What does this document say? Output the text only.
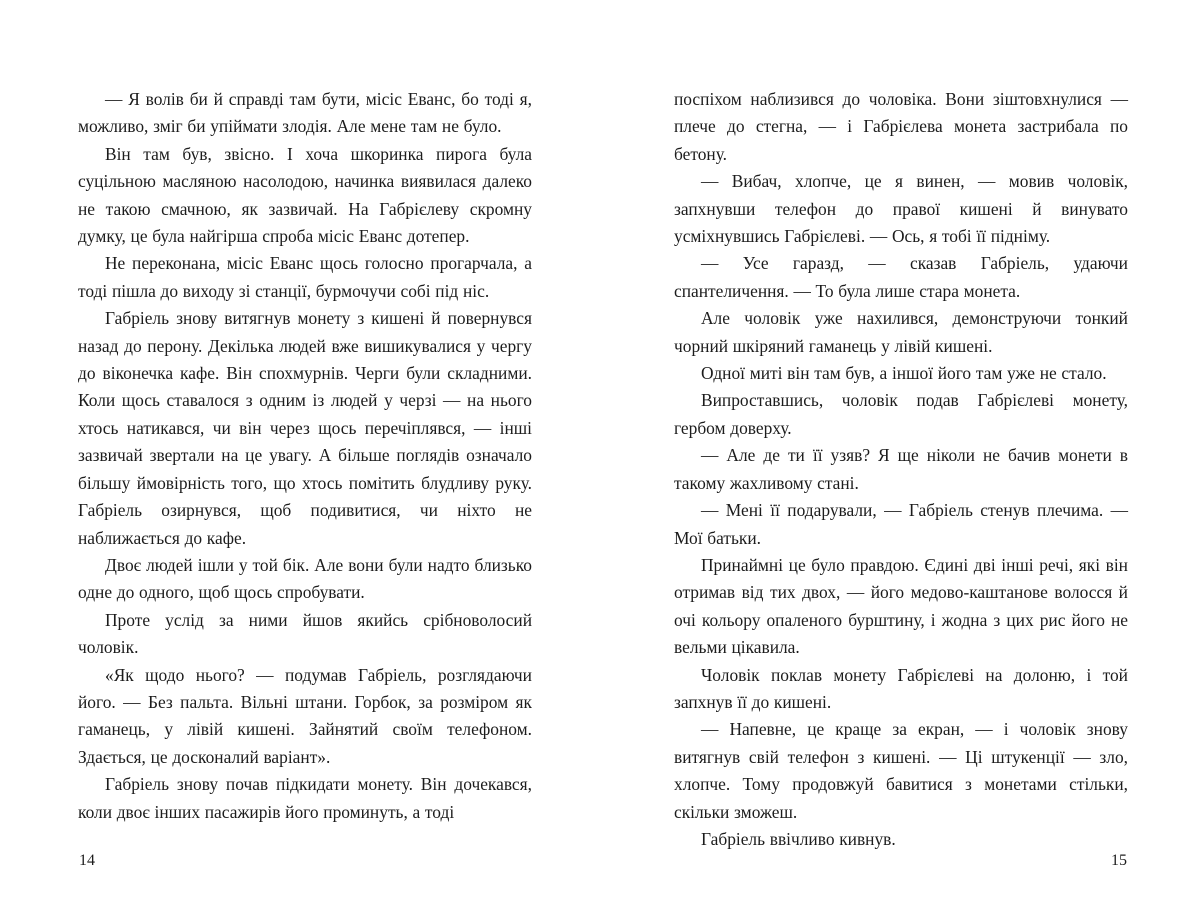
— Я волів би й справді там бути, місіс Еванс, бо тоді я, можливо, зміг би упіймати злодія. Але мене там не було.

Він там був, звісно. І хоча шкоринка пирога була суцільною масляною насолодою, начинка виявилася далеко не такою смачною, як зазвичай. На Габрієлеву скромну думку, це була найгірша спроба місіс Еванс дотепер.

Не переконана, місіс Еванс щось голосно прогарчала, а тоді пішла до виходу зі станції, бурмочучи собі під ніс.

Габріель знову витягнув монету з кишені й повернувся назад до перону. Декілька людей вже вишикувалися у чергу до віконечка кафе. Він спохмурнів. Черги були складними. Коли щось ставалося з одним із людей у черзі — на нього хтось натикався, чи він через щось перечіплявся, — інші зазвичай звертали на це увагу. А більше поглядів означало більшу ймовірність того, що хтось помітить блудливу руку. Габріель озирнувся, щоб подивитися, чи ніхто не наближається до кафе.

Двоє людей ішли у той бік. Але вони були надто близько одне до одного, щоб щось спробувати.

Проте услід за ними йшов якийсь срібноволосий чоловік.

«Як щодо нього? — подумав Габріель, розглядаючи його. — Без пальта. Вільні штани. Горбок, за розміром як гаманець, у лівій кишені. Зайнятий своїм телефоном. Здається, це досконалий варіант».

Габріель знову почав підкидати монету. Він дочекався, коли двоє інших пасажирів його проминуть, а тоді

поспіхом наблизився до чоловіка. Вони зіштовхнулися — плече до стегна, — і Габрієлева монета застрибала по бетону.

— Вибач, хлопче, це я винен, — мовив чоловік, запхнувши телефон до правої кишені й винувато усміхнувшись Габрієлеві. — Ось, я тобі її підніму.

— Усе гаразд, — сказав Габріель, удаючи спантеличення. — То була лише стара монета.

Але чоловік уже нахилився, демонструючи тонкий чорний шкіряний гаманець у лівій кишені.

Одної миті він там був, а іншої його там уже не стало.

Випроставшись, чоловік подав Габрієлеві монету, гербом доверху.

— Але де ти її узяв? Я ще ніколи не бачив монети в такому жахливому стані.

— Мені її подарували, — Габріель стенув плечима. — Мої батьки.

Принаймні це було правдою. Єдині дві інші речі, які він отримав від тих двох, — його медово-каштанове волосся й очі кольору опаленого бурштину, і жодна з цих рис його не вельми цікавила.

Чоловік поклав монету Габрієлеві на долоню, і той запхнув її до кишені.

— Напевне, це краще за екран, — і чоловік знову витягнув свій телефон з кишені. — Ці штукенції — зло, хлопче. Тому продовжуй бавитися з монетами стільки, скільки зможеш.

Габріель ввічливо кивнув.

14	15
